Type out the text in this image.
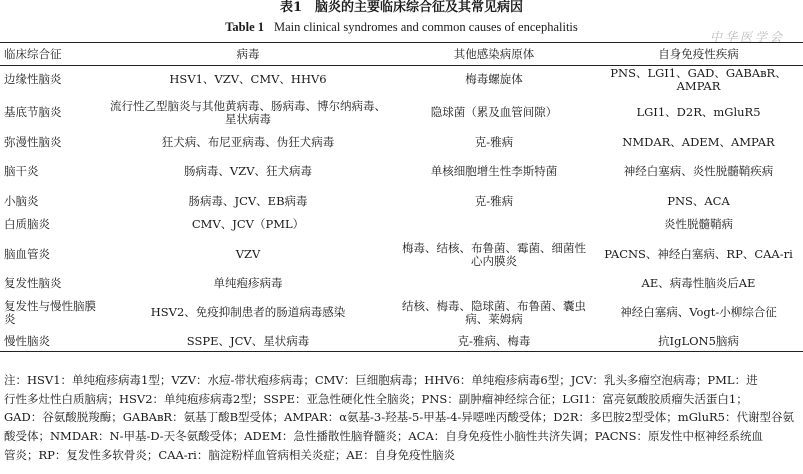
表1　脑炎的主要临床综合征及其常见病因
Table 1 Main clinical syndromes and common causes of encephalitis
中华医学会
临床综合征	病毒	其他感染病原体	自身免疫性疾病
边缘性脑炎	HSV1、VZV、CMV、HHV6	梅毒螺旋体	PNS、LGI1、GAD、GABAʙR、AMPAR
基底节脑炎	流行性乙型脑炎与其他黄病毒、肠病毒、博尔纳病毒、星状病毒	隐球菌（累及血管间隙）	LGI1、D2R、mGluR5
弥漫性脑炎	狂犬病、布尼亚病毒、伪狂犬病毒	克-雅病	NMDAR、ADEM、AMPAR
脑干炎	肠病毒、VZV、狂犬病毒	单核细胞增生性李斯特菌	神经白塞病、炎性脱髓鞘疾病
小脑炎	肠病毒、JCV、EB病毒	克-雅病	PNS、ACA
白质脑炎	CMV、JCV（PML）		炎性脱髓鞘病
脑血管炎	VZV	梅毒、结核、布鲁菌、霉菌、细菌性心内膜炎	PACNS、神经白塞病、RP、CAA-ri
复发性脑炎	单纯疱疹病毒		AE、病毒性脑炎后AE
复发性与慢性脑膜炎	HSV2、免疫抑制患者的肠道病毒感染	结核、梅毒、隐球菌、布鲁菌、囊虫病、莱姆病	神经白塞病、Vogt-小柳综合征
慢性脑炎	SSPE、JCV、星状病毒	克-雅病、梅毒	抗IgLON5脑病
注：HSV1：单纯疱疹病毒1型；VZV：水痘-带状疱疹病毒；CMV：巨细胞病毒；HHV6：单纯疱疹病毒6型；JCV：乳头多瘤空泡病毒；PML：进
行性多灶性白质脑病；HSV2：单纯疱疹病毒2型；SSPE：亚急性硬化性全脑炎；PNS：副肿瘤神经综合征；LGI1：富亮氨酸胶质瘤失活蛋白1；
GAD：谷氨酸脱羧酶；GABAʙR：氨基丁酸B型受体；AMPAR：α氨基-3-羟基-5-甲基-4-异噁唑丙酸受体；D2R：多巴胺2型受体；mGluR5：代谢型谷氨
酸受体；NMDAR：N-甲基-D-天冬氨酸受体；ADEM：急性播散性脑脊髓炎；ACA：自身免疫性小脑性共济失调；PACNS：原发性中枢神经系统血
管炎；RP：复发性多软骨炎；CAA-ri：脑淀粉样血管病相关炎症；AE：自身免疫性脑炎
